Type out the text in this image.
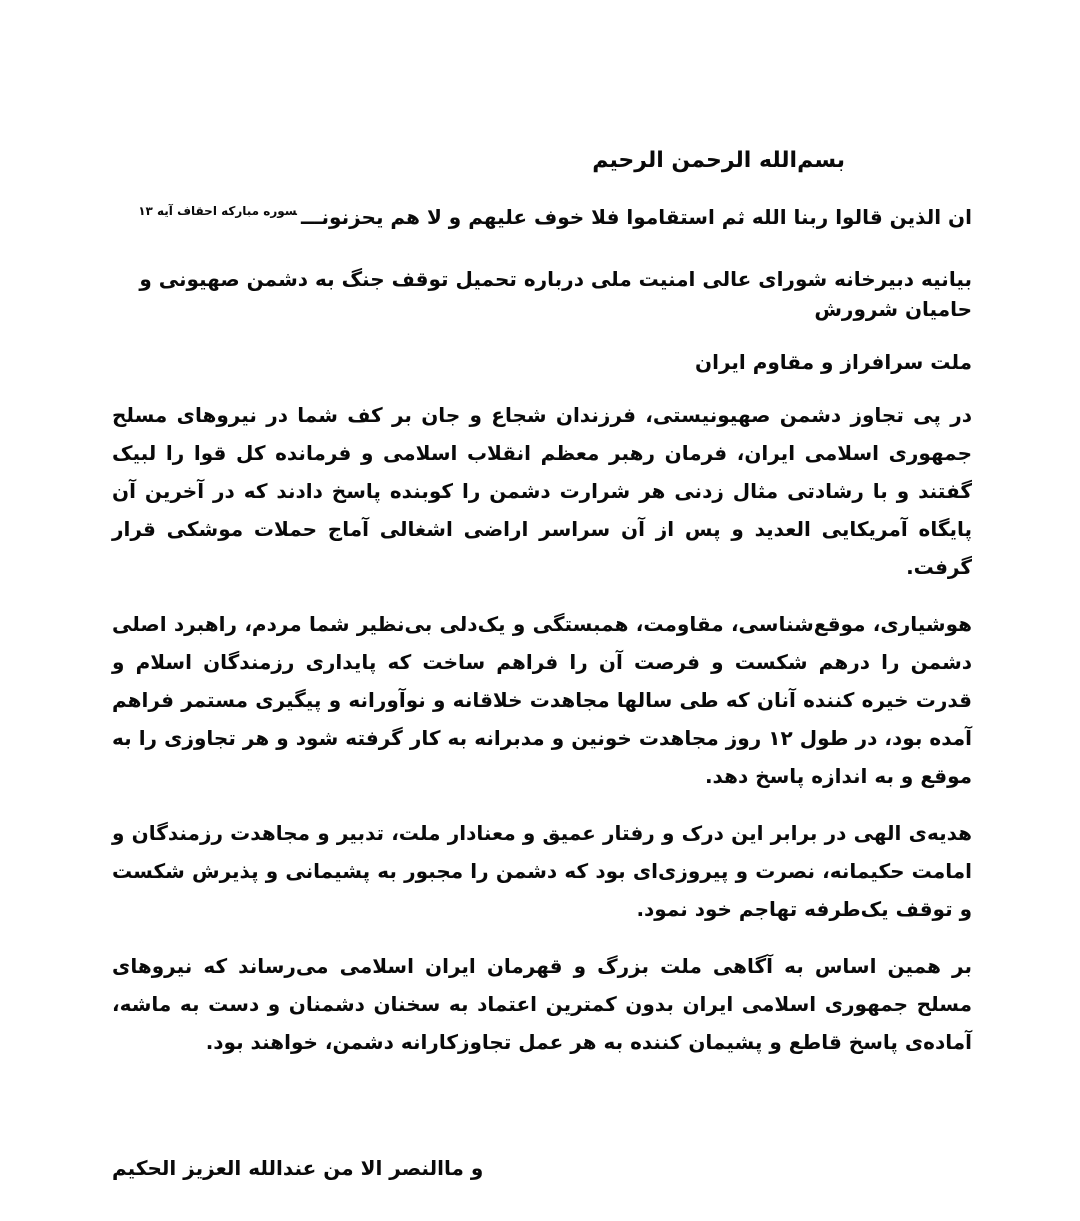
بسم‌الله الرحمن الرحیم
ان الذین قالوا ربنا الله ثم استقاموا فلا خوف علیهم و لا هم یحزنونـــ$^{سوره مبارکه احقاف آیه ۱۳}$
بیانیه دبیرخانه شورای عالی امنیت ملی درباره تحمیل توقف جنگ به دشمن صهیونی و حامیان شرورش
ملت سرافراز و مقاوم ایران

در پی تجاوز دشمن صهیونیستی، فرزندان شجاع و جان بر کف شما در نیروهای مسلح جمهوری اسلامی ایران، فرمان رهبر معظم انقلاب اسلامی و فرمانده کل قوا را لبیک گفتند و با رشادتی مثال زدنی هر شرارت دشمن را کوبنده پاسخ دادند که در آخرین آن پایگاه آمریکایی العدید و پس از آن سراسر اراضی اشغالی آماج حملات موشکی قرار گرفت.

هوشیاری، موقع‌شناسی، مقاومت، همبستگی و یک‌دلی بی‌نظیر شما مردم، راهبرد اصلی دشمن را درهم شکست و فرصت آن را فراهم ساخت که پایداری رزمندگان اسلام و قدرت خیره کننده آنان که طی سالها مجاهدت خلاقانه و نوآورانه و پیگیری مستمر فراهم آمده بود، در طول ۱۲ روز مجاهدت خونین و مدبرانه به کار گرفته شود و هر تجاوزی را به موقع و به اندازه پاسخ دهد.

هدیه‌ی الهی در برابر این درک و رفتار عمیق و معنادار ملت، تدبیر و مجاهدت رزمندگان و امامت حکیمانه، نصرت و پیروزی‌ای بود که دشمن را مجبور به پشیمانی و پذیرش شکست و توقف یک‌طرفه تهاجم خود نمود.

بر همین اساس به آگاهی ملت بزرگ و قهرمان ایران اسلامی می‌رساند که نیروهای مسلح جمهوری اسلامی ایران بدون کمترین اعتماد به سخنان دشمنان و دست به ماشه، آماده‌ی پاسخ قاطع و پشیمان کننده به هر عمل تجاوزکارانه دشمن، خواهند بود.

و ماالنصر الا من عندالله العزیز الحکیم
